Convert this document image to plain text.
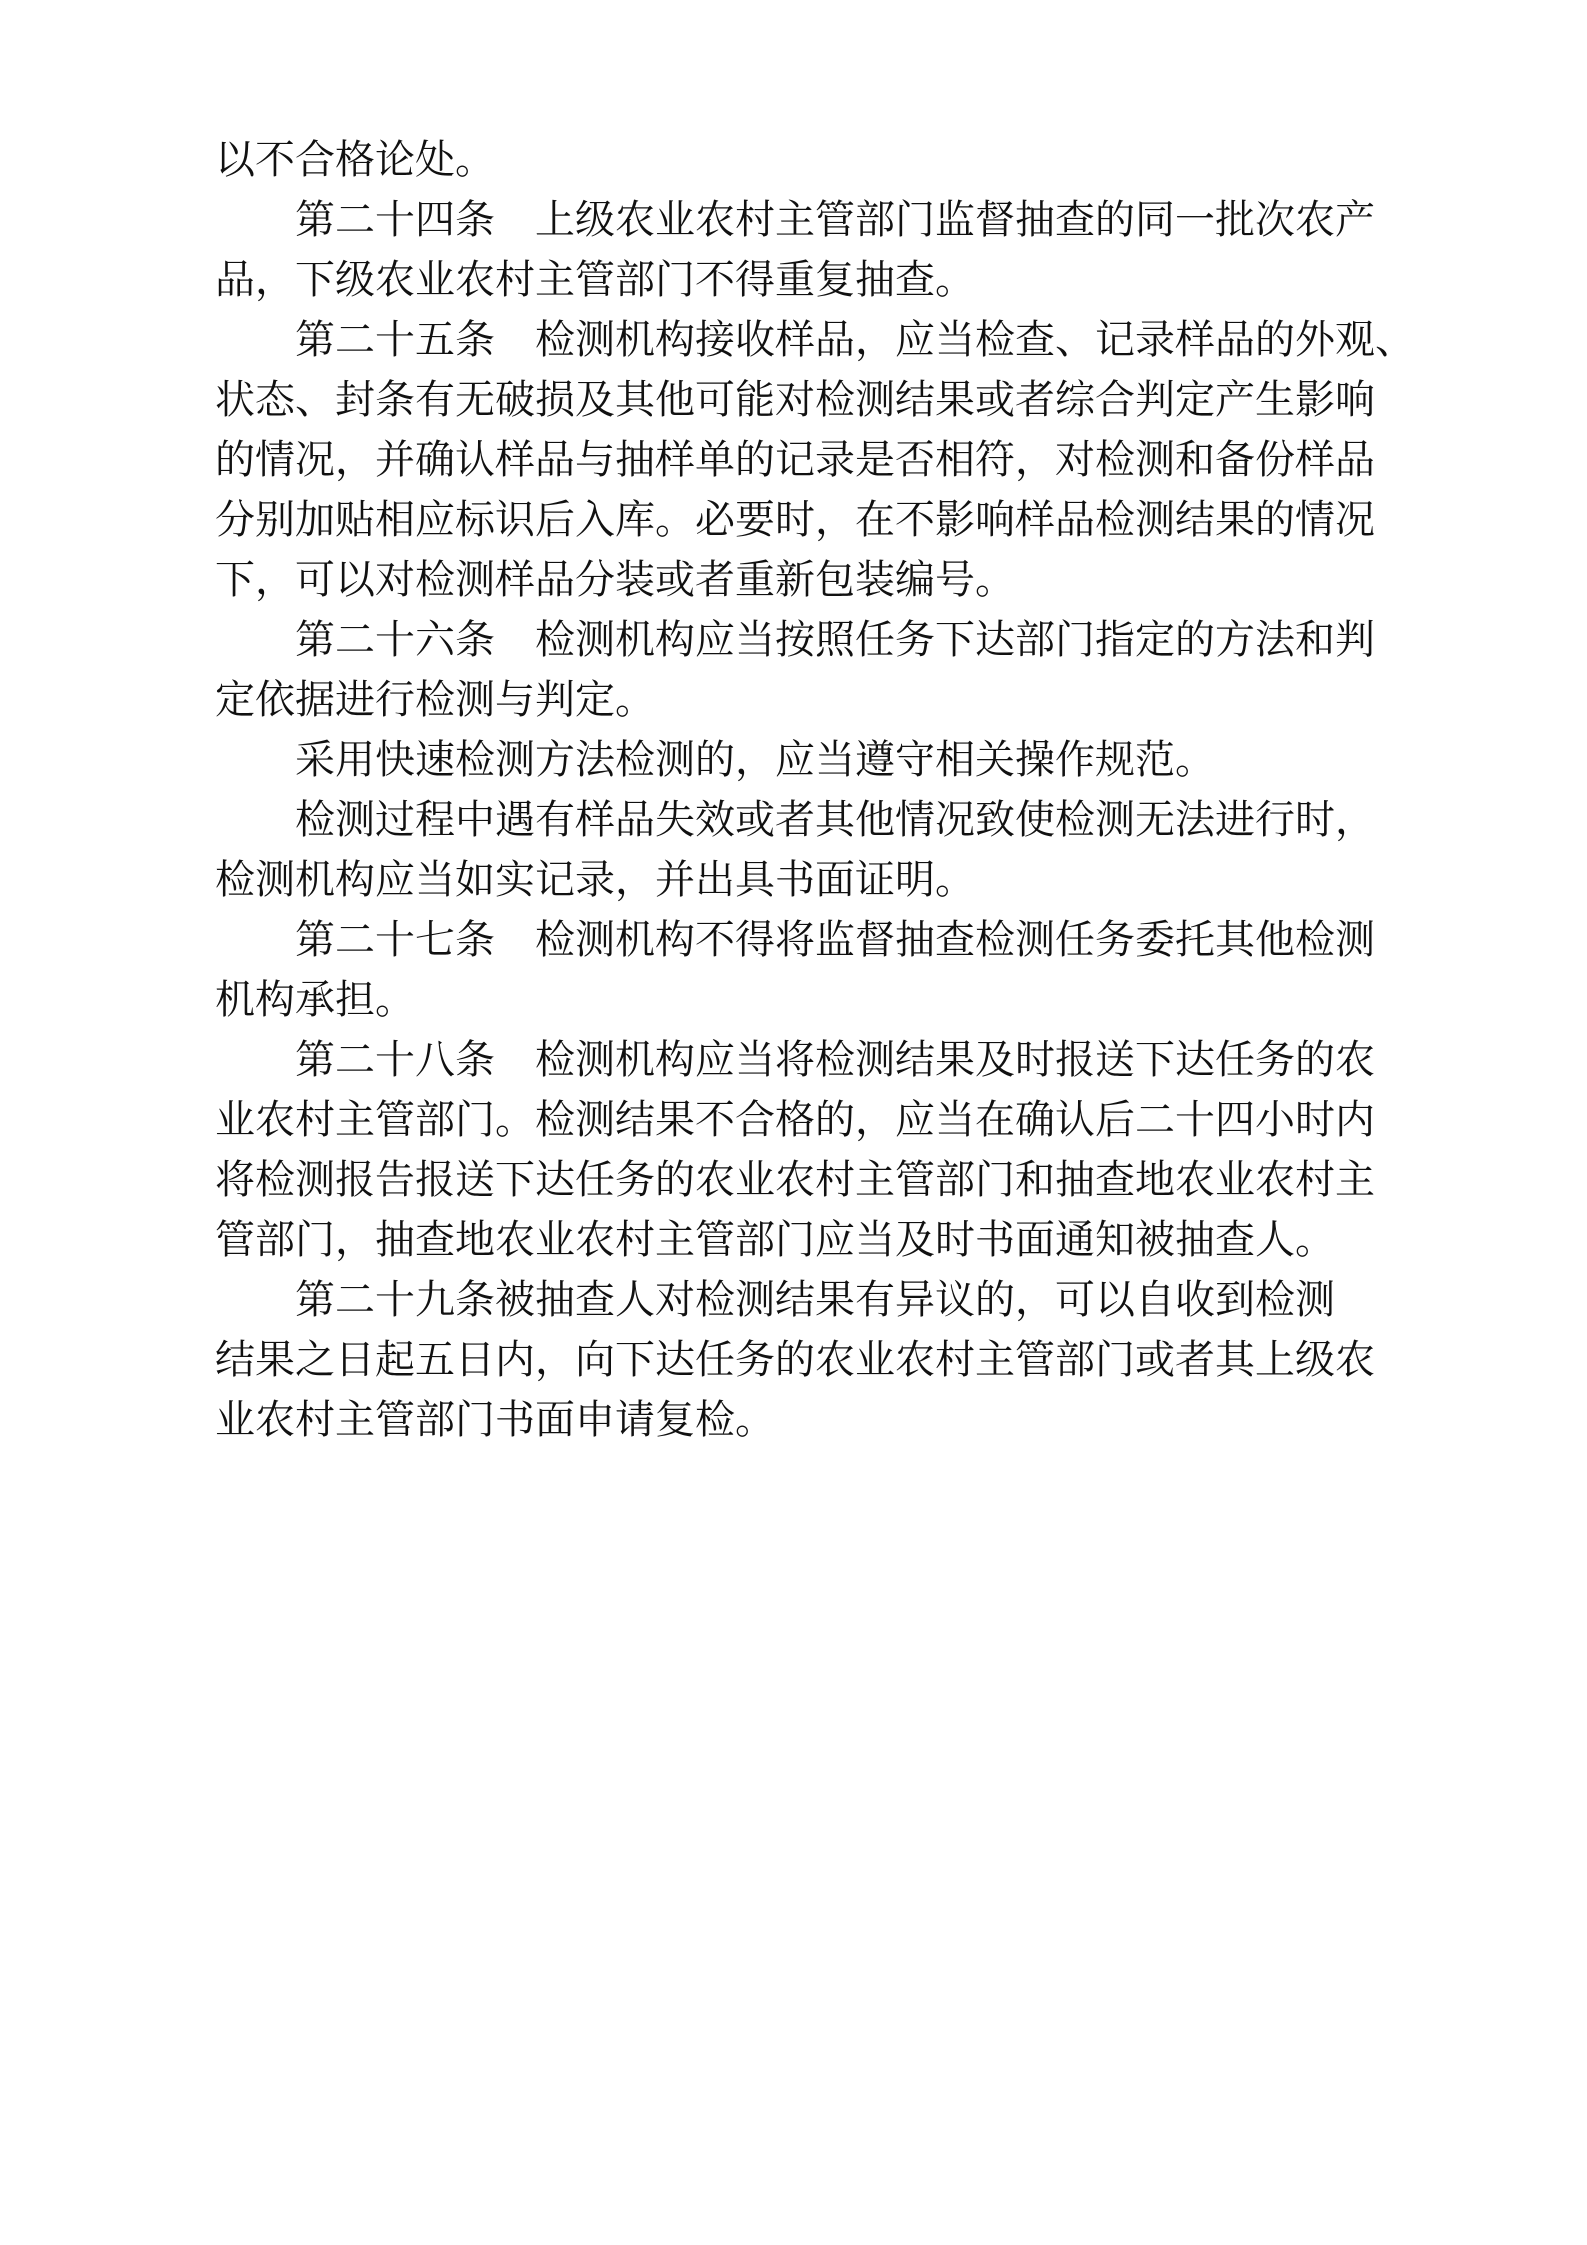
以不合格论处。
第二十四条 上级农业农村主管部门监督抽查的同一批次农产
品，下级农业农村主管部门不得重复抽查。
第二十五条 检测机构接收样品，应当检查、记录样品的外观、
状态、封条有无破损及其他可能对检测结果或者综合判定产生影响
的情况，并确认样品与抽样单的记录是否相符，对检测和备份样品
分别加贴相应标识后入库。必要时，在不影响样品检测结果的情况
下，可以对检测样品分装或者重新包装编号。
第二十六条 检测机构应当按照任务下达部门指定的方法和判
定依据进行检测与判定。
采用快速检测方法检测的，应当遵守相关操作规范。
检测过程中遇有样品失效或者其他情况致使检测无法进行时，
检测机构应当如实记录，并出具书面证明。
第二十七条 检测机构不得将监督抽查检测任务委托其他检测
机构承担。
第二十八条 检测机构应当将检测结果及时报送下达任务的农
业农村主管部门。检测结果不合格的，应当在确认后二十四小时内
将检测报告报送下达任务的农业农村主管部门和抽查地农业农村主
管部门，抽查地农业农村主管部门应当及时书面通知被抽查人。
第二十九条 被抽查人对检测结果有异议的，可以自收到检测
结果之日起五日内，向下达任务的农业农村主管部门或者其上级农
业农村主管部门书面申请复检。
